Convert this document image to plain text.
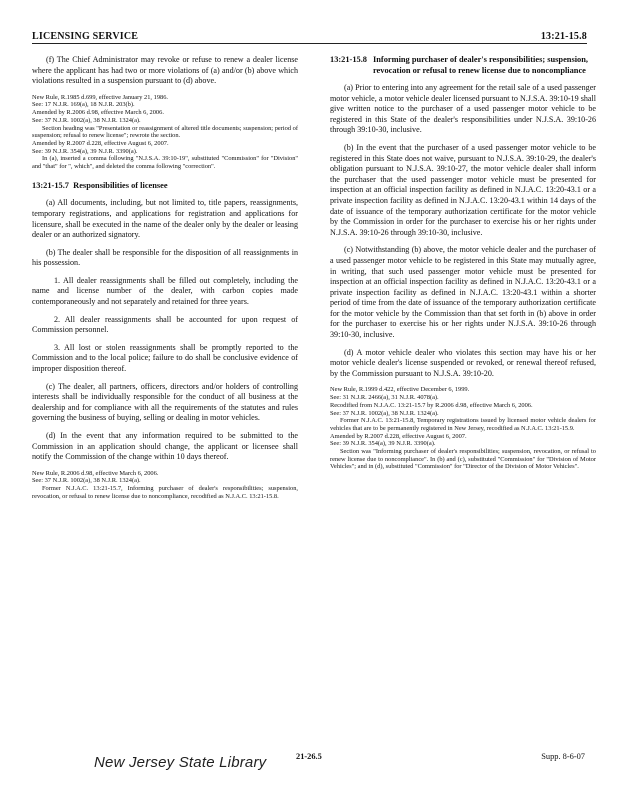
LICENSING SERVICE	13:21-15.8

(f) The Chief Administrator may revoke or refuse to renew a dealer license where the applicant has had two or more violations of (a) and/or (b) above which violations resulted in a suspension pursuant to (d) above.

New Rule, R.1985 d.699, effective January 21, 1986.
See: 17 N.J.R. 169(a), 18 N.J.R. 203(b).
Amended by R.2006 d.98, effective March 6, 2006.
See: 37 N.J.R. 1002(a), 38 N.J.R. 1324(a).
Section heading was "Presentation or reassignment of altered title documents; suspension; period of suspension; refusal to renew license"; rewrote the section.
Amended by R.2007 d.228, effective August 6, 2007.
See: 39 N.J.R. 354(a), 39 N.J.R. 3390(a).
In (a), inserted a comma following "N.J.S.A. 39:10-19", substituted "Commission" for "Division" and "that" for ", which", and deleted the comma following "correction".
13:21-15.7 Responsibilities of licensee

(a) All documents, including, but not limited to, title papers, reassignments, temporary registrations, and applications for registration and applications for licensure, shall be executed in the name of the dealer only by the dealer or leasing dealer or an authorized signatory.

(b) The dealer shall be responsible for the disposition of all reassignments in his possession.

1. All dealer reassignments shall be filled out completely, including the name and license number of the dealer, with carbon copies made contemporaneously and not separately and retained for three years.

2. All dealer reassignments shall be accounted for upon request of Commission personnel.

3. All lost or stolen reassignments shall be promptly reported to the Commission and to the local police; failure to do shall be conclusive evidence of improper disposition thereof.

(c) The dealer, all partners, officers, directors and/or holders of controlling interests shall be individually responsible for the conduct of all business at the dealership and for compliance with all the requirements of the statutes and rules governing the business of buying, selling or dealing in motor vehicles.

(d) In the event that any information required to be submitted to the Commission in an application should change, the applicant or licensee shall notify the Commission of the change within 10 days thereof.

New Rule, R.2006 d.98, effective March 6, 2006.
See: 37 N.J.R. 1002(a), 38 N.J.R. 1324(a).
Former N.J.A.C. 13:21-15.7, Informing purchaser of dealer's responsibilities; suspension, revocation, or refusal to renew license due to noncompliance, recodified as N.J.A.C. 13:21-15.8.
13:21-15.8 Informing purchaser of dealer's responsibilities; suspension, revocation or refusal to renew license due to noncompliance

(a) Prior to entering into any agreement for the retail sale of a used passenger motor vehicle, a motor vehicle dealer licensed pursuant to N.J.S.A. 39:10-19 shall give written notice to the purchaser of a used passenger motor vehicle to be registered in this State of the dealer's responsibilities under N.J.S.A. 39:10-26 through 39:10-30, inclusive.

(b) In the event that the purchaser of a used passenger motor vehicle to be registered in this State does not waive, pursuant to N.J.S.A. 39:10-29, the dealer's obligation pursuant to N.J.S.A. 39:10-27, the motor vehicle dealer shall inform the purchaser that the used passenger motor vehicle must be presented for inspection at an official inspection facility as defined in N.J.A.C. 13:20-43.1 or a private inspection facility as defined in N.J.A.C. 13:20-43.1 within 14 days of the date of issuance of the temporary authorization certificate for the motor vehicle by the Commission in order for the purchaser to exercise his or her rights under N.J.S.A. 39:10-26 through 39:10-30, inclusive.

(c) Notwithstanding (b) above, the motor vehicle dealer and the purchaser of a used passenger motor vehicle to be registered in this State may mutually agree, in writing, that such used passenger motor vehicle must be presented for inspection at an official inspection facility as defined in N.J.A.C. 13:20-43.1 or a private inspection facility as defined in N.J.A.C. 13:20-43.1 within a shorter period of time from the date of issuance of the temporary authorization certificate for the motor vehicle by the Commission than that set forth in (b) above in order for the purchaser to exercise his or her rights under N.J.S.A. 39:10-26 through 39:10-30, inclusive.

(d) A motor vehicle dealer who violates this section may have his or her motor vehicle dealer's license suspended or revoked, or renewal thereof refused, by the Commission pursuant to N.J.S.A. 39:10-20.

New Rule, R.1999 d.422, effective December 6, 1999.
See: 31 N.J.R. 2466(a), 31 N.J.R. 4078(a).
Recodified from N.J.A.C. 13:21-15.7 by R.2006 d.98, effective March 6, 2006.
See: 37 N.J.R. 1002(a), 38 N.J.R. 1324(a).
Former N.J.A.C. 13:21-15.8, Temporary registrations issued by licensed motor vehicle dealers for vehicles that are to be permanently registered in New Jersey, recodified as N.J.A.C. 13:21-15.9.
Amended by R.2007 d.228, effective August 6, 2007.
See: 39 N.J.R. 354(a), 39 N.J.R. 3390(a).
Section was "Informing purchaser of dealer's responsibilities; suspension, revocation, or refusal to renew license due to noncompliance". In (b) and (c), substituted "Commission" for "Division of Motor Vehicles"; and in (d), substituted "Commission" for "Director of the Division of Motor Vehicles".
New Jersey State Library	21-26.5	Supp. 8-6-07
